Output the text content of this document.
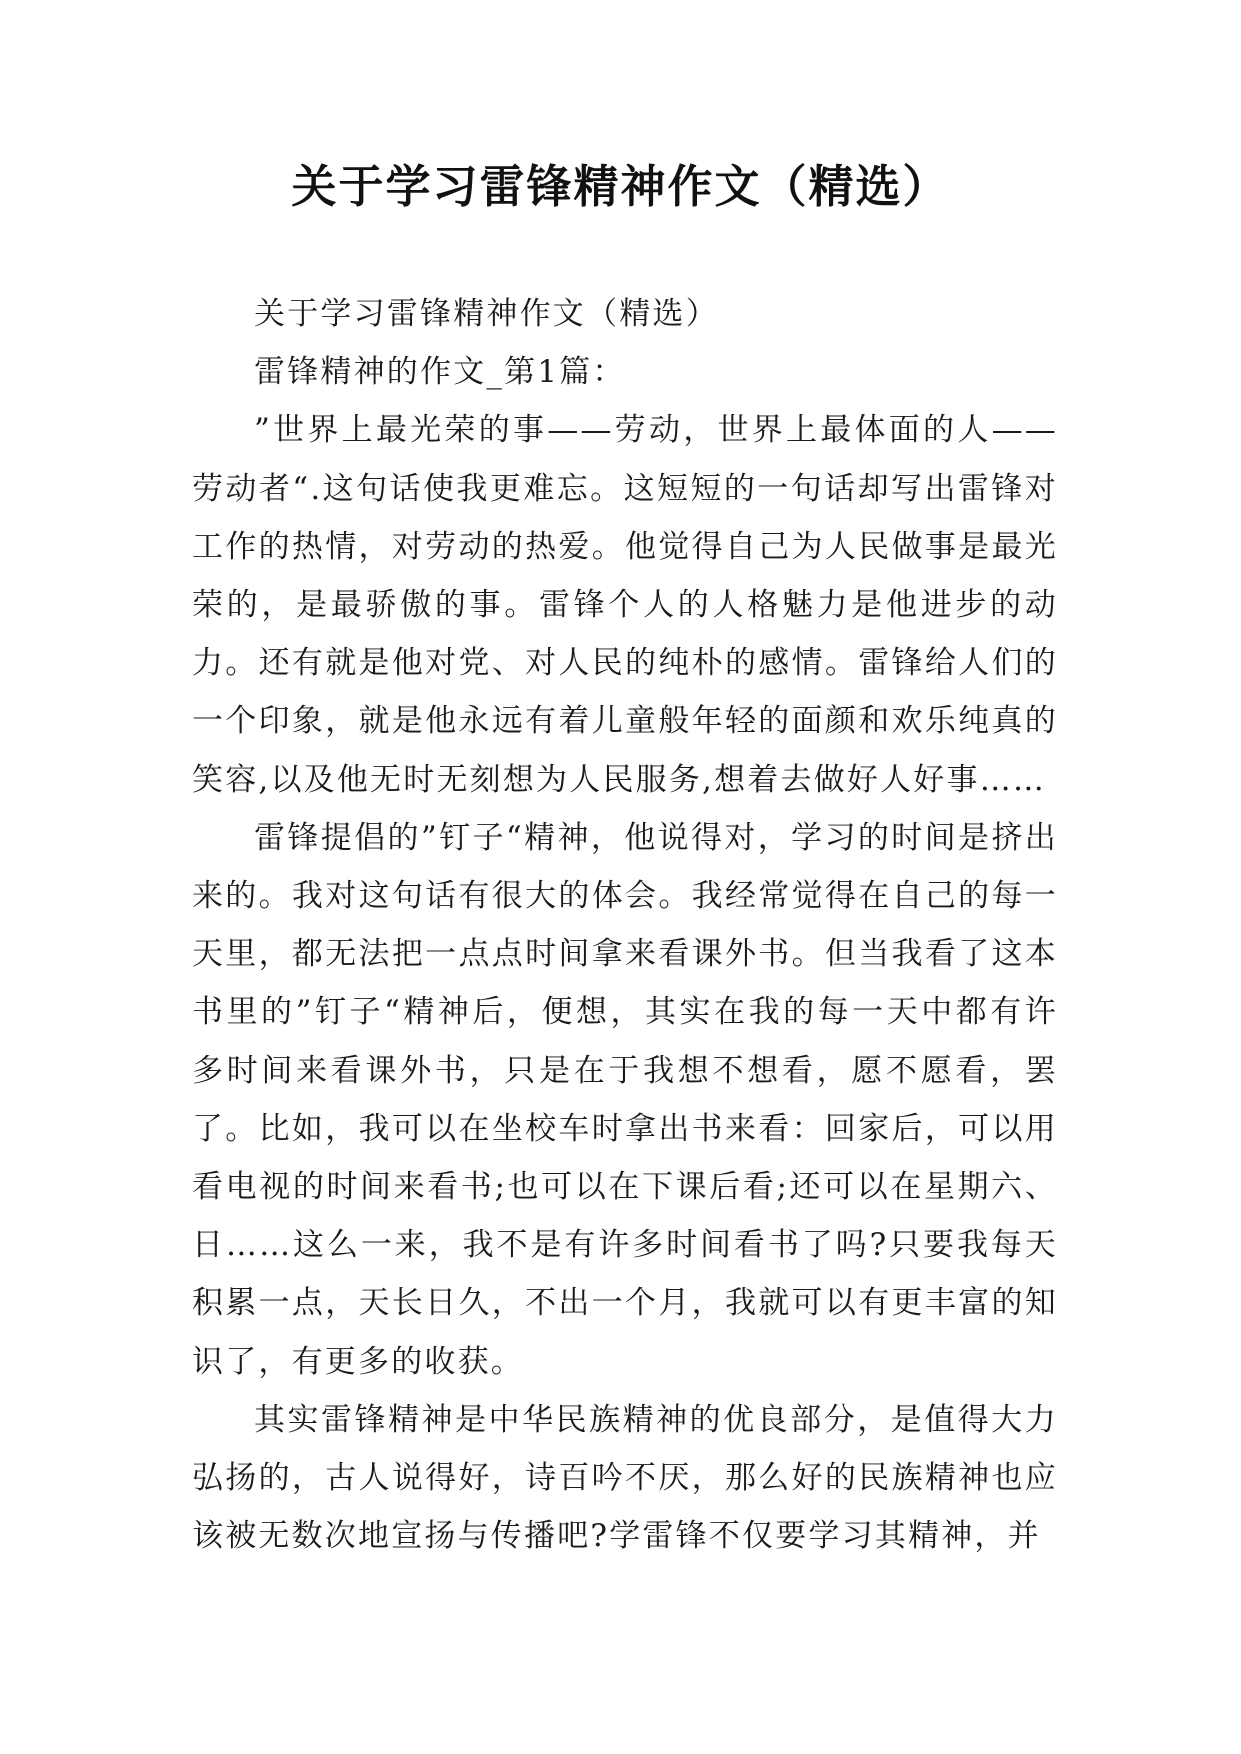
关于学习雷锋精神作文（精选）

关于学习雷锋精神作文（精选）

雷锋精神的作文_第1篇：

”世界上最光荣的事——劳动，世界上最体面的人——劳动者“.这句话使我更难忘。这短短的一句话却写出雷锋对工作的热情，对劳动的热爱。他觉得自己为人民做事是最光荣的，是最骄傲的事。雷锋个人的人格魅力是他进步的动力。还有就是他对党、对人民的纯朴的感情。雷锋给人们的一个印象，就是他永远有着儿童般年轻的面颜和欢乐纯真的笑容,以及他无时无刻想为人民服务,想着去做好人好事……

雷锋提倡的”钉子“精神，他说得对，学习的时间是挤出来的。我对这句话有很大的体会。我经常觉得在自己的每一天里，都无法把一点点时间拿来看课外书。但当我看了这本书里的”钉子“精神后，便想，其实在我的每一天中都有许多时间来看课外书，只是在于我想不想看，愿不愿看，罢了。比如，我可以在坐校车时拿出书来看：回家后，可以用看电视的时间来看书;也可以在下课后看;还可以在星期六、日……这么一来，我不是有许多时间看书了吗?只要我每天积累一点，天长日久，不出一个月，我就可以有更丰富的知识了，有更多的收获。

其实雷锋精神是中华民族精神的优良部分，是值得大力弘扬的，古人说得好，诗百吟不厌，那么好的民族精神也应该被无数次地宣扬与传播吧?学雷锋不仅要学习其精神，并
